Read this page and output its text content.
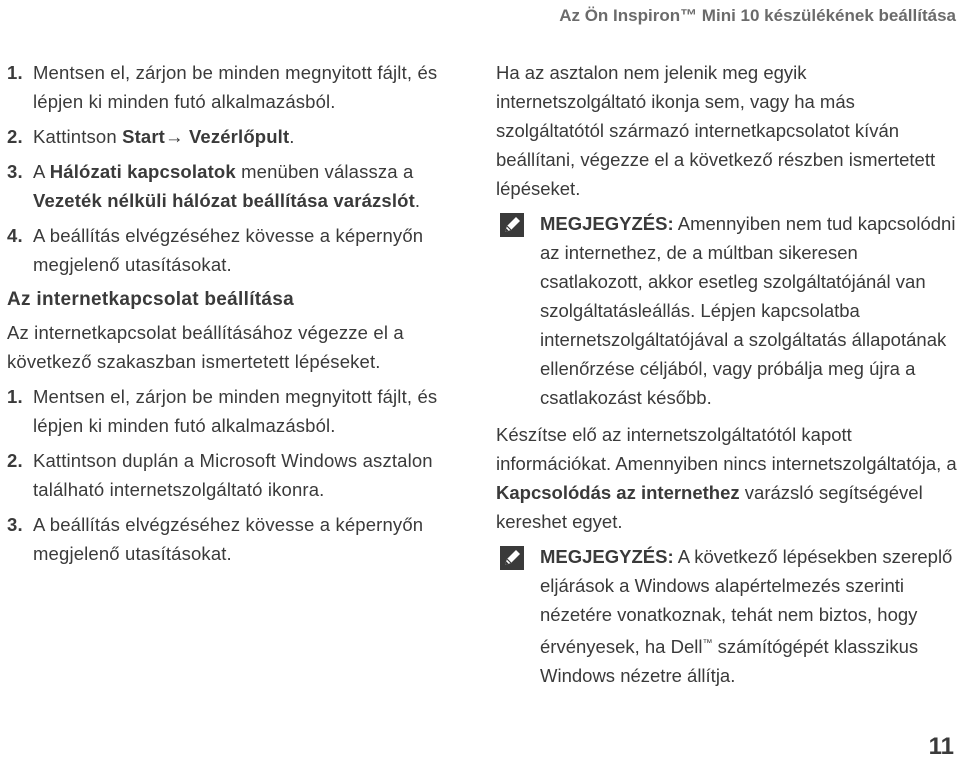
Az Ön Inspiron™ Mini 10 készülékének beállítása
1. Mentsen el, zárjon be minden megnyitott fájlt, és lépjen ki minden futó alkalmazásból.
2. Kattintson Start→ Vezérlőpult.
3. A Hálózati kapcsolatok menüben válassza a Vezeték nélküli hálózat beállítása varázslót.
4. A beállítás elvégzéséhez kövesse a képernyőn megjelenő utasításokat.
Az internetkapcsolat beállítása

Az internetkapcsolat beállításához végezze el a következő szakaszban ismertetett lépéseket.

1. Mentsen el, zárjon be minden megnyitott fájlt, és lépjen ki minden futó alkalmazásból.
2. Kattintson duplán a Microsoft Windows asztalon található internetszolgáltató ikonra.
3. A beállítás elvégzéséhez kövesse a képernyőn megjelenő utasításokat.

Ha az asztalon nem jelenik meg egyik internetszolgáltató ikonja sem, vagy ha más szolgáltatótól származó internetkapcsolatot kíván beállítani, végezze el a következő részben ismertetett lépéseket.

MEGJEGYZÉS: Amennyiben nem tud kapcsolódni az internethez, de a múltban sikeresen csatlakozott, akkor esetleg szolgáltatójánál van szolgáltatásleállás. Lépjen kapcsolatba internetszolgáltatójával a szolgáltatás állapotának ellenőrzése céljából, vagy próbálja meg újra a csatlakozást később.

Készítse elő az internetszolgáltatótól kapott információkat. Amennyiben nincs internetszolgáltatója, a Kapcsolódás az internethez varázsló segítségével kereshet egyet.

MEGJEGYZÉS: A következő lépésekben szereplő eljárások a Windows alapértelmezés szerinti nézetére vonatkoznak, tehát nem biztos, hogy érvényesek, ha Dell™ számítógépét klasszikus Windows nézetre állítja.
11
